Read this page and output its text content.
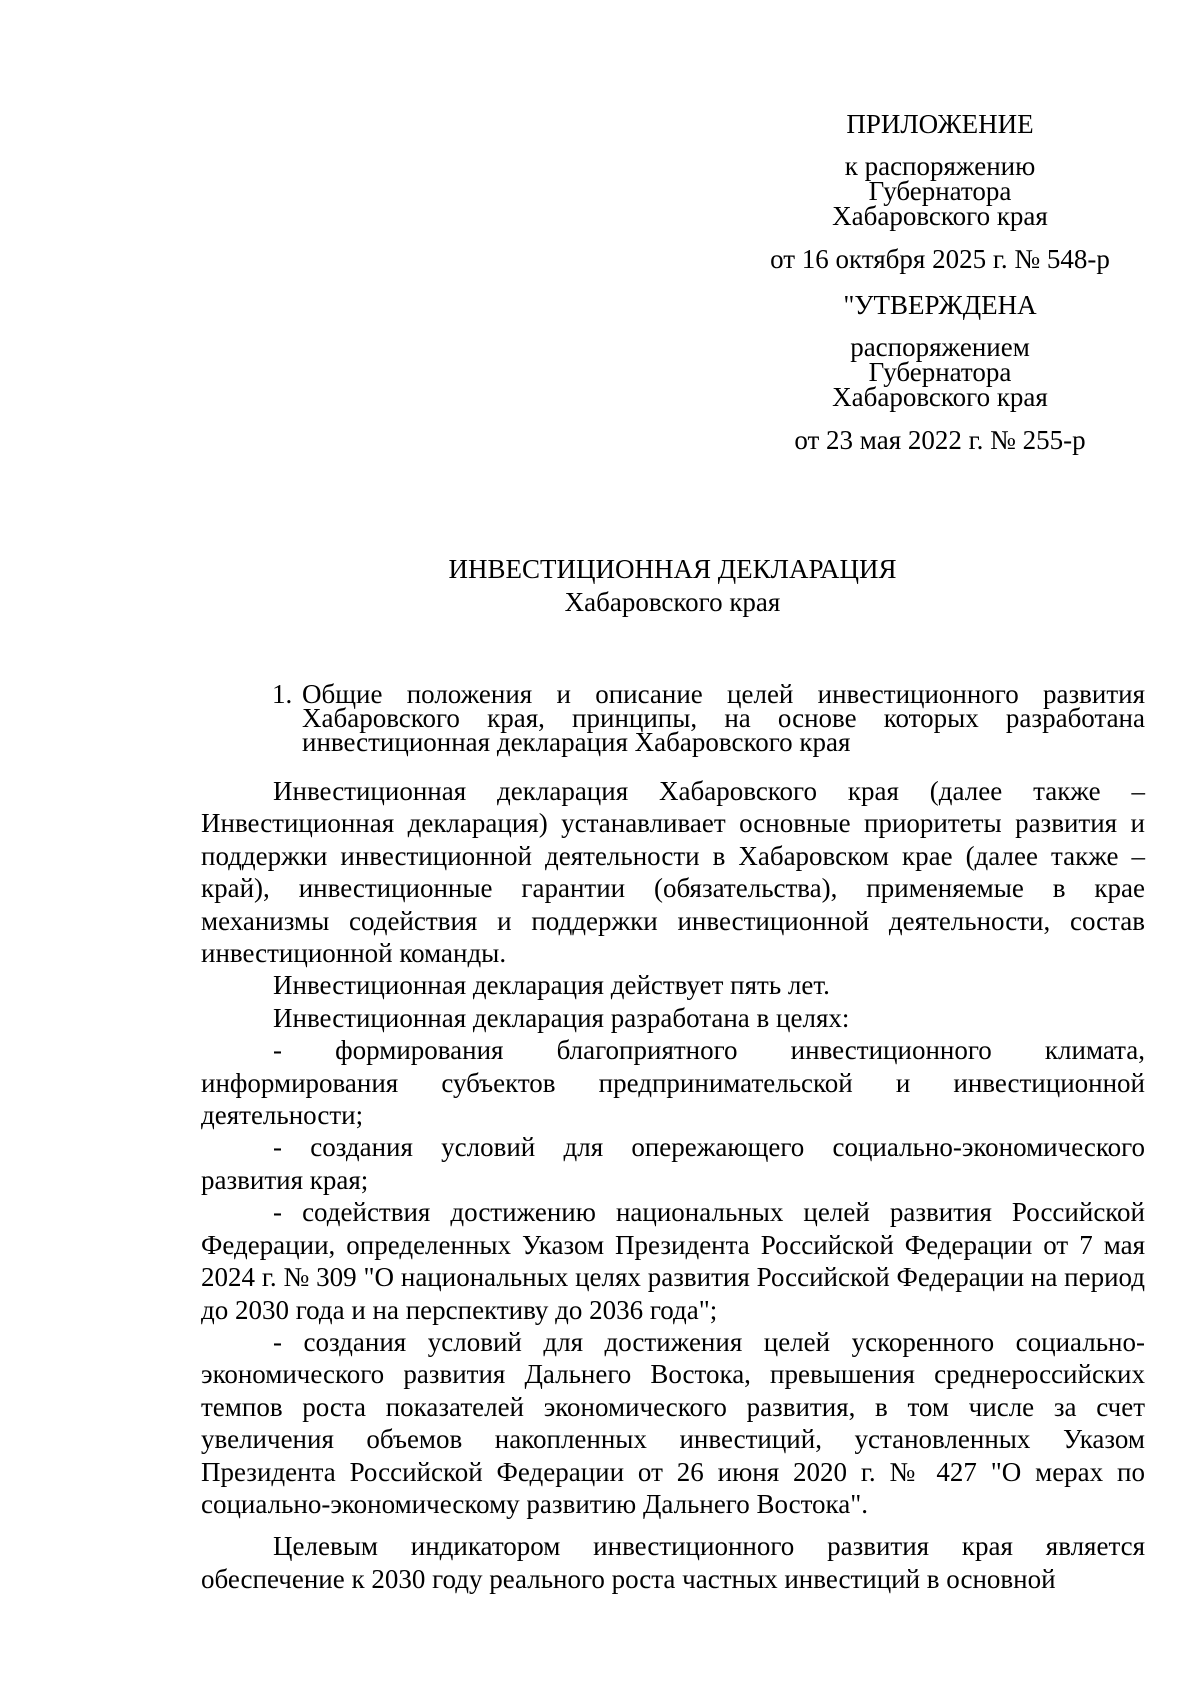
ПРИЛОЖЕНИЕ

к распоряжению

Губернатора

Хабаровского края

от 16 октября 2025 г. № 548-р

"УТВЕРЖДЕНА

распоряжением

Губернатора

Хабаровского края

от 23 мая 2022 г. № 255-р

ИНВЕСТИЦИОННАЯ ДЕКЛАРАЦИЯ

Хабаровского края

1. Общие положения и описание целей инвестиционного развития Хабаровского края, принципы, на основе которых разработана инвестиционная декларация Хабаровского края

Инвестиционная декларация Хабаровского края (далее также – Инвестиционная декларация) устанавливает основные приоритеты развития и поддержки инвестиционной деятельности в Хабаровском крае (далее также – край), инвестиционные гарантии (обязательства), применяемые в крае механизмы содействия и поддержки инвестиционной деятельности, состав инвестиционной команды.

Инвестиционная декларация действует пять лет.

Инвестиционная декларация разработана в целях:

- формирования благоприятного инвестиционного климата, информирования субъектов предпринимательской и инвестиционной деятельности;

- создания условий для опережающего социально-экономического развития края;

- содействия достижению национальных целей развития Российской Федерации, определенных Указом Президента Российской Федерации от 7 мая 2024 г. № 309 "О национальных целях развития Российской Федерации на период до 2030 года и на перспективу до 2036 года";

- создания условий для достижения целей ускоренного социально-экономического развития Дальнего Востока, превышения среднероссийских темпов роста показателей экономического развития, в том числе за счет увеличения объемов накопленных инвестиций, установленных Указом Президента Российской Федерации от 26 июня 2020 г. № 427 "О мерах по социально-экономическому развитию Дальнего Востока".

Целевым индикатором инвестиционного развития края является обеспечение к 2030 году реального роста частных инвестиций в основной
